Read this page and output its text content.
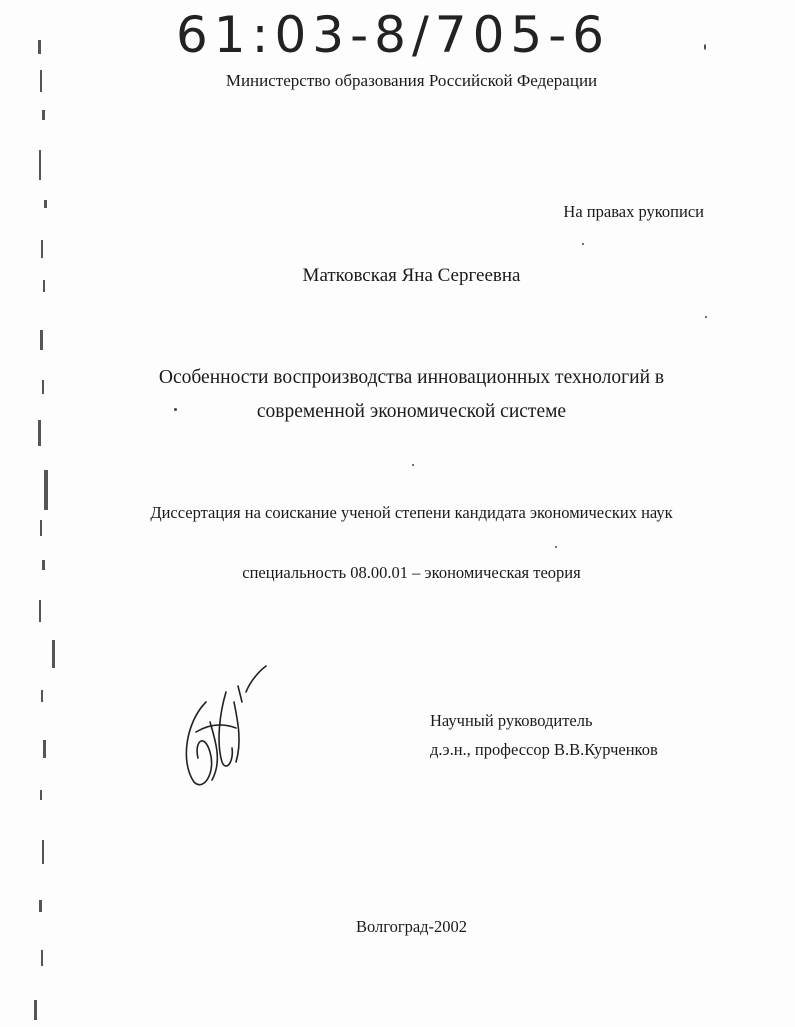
61:03-8/705-6
Министерство образования Российской Федерации
На правах рукописи
Матковская Яна Сергеевна
Особенности воспроизводства инновационных технологий в
современной экономической системе
Диссертация на соискание ученой степени кандидата экономических наук
специальность 08.00.01 – экономическая теория
Научный руководитель
д.э.н., профессор В.В.Курченков
Волгоград-2002
